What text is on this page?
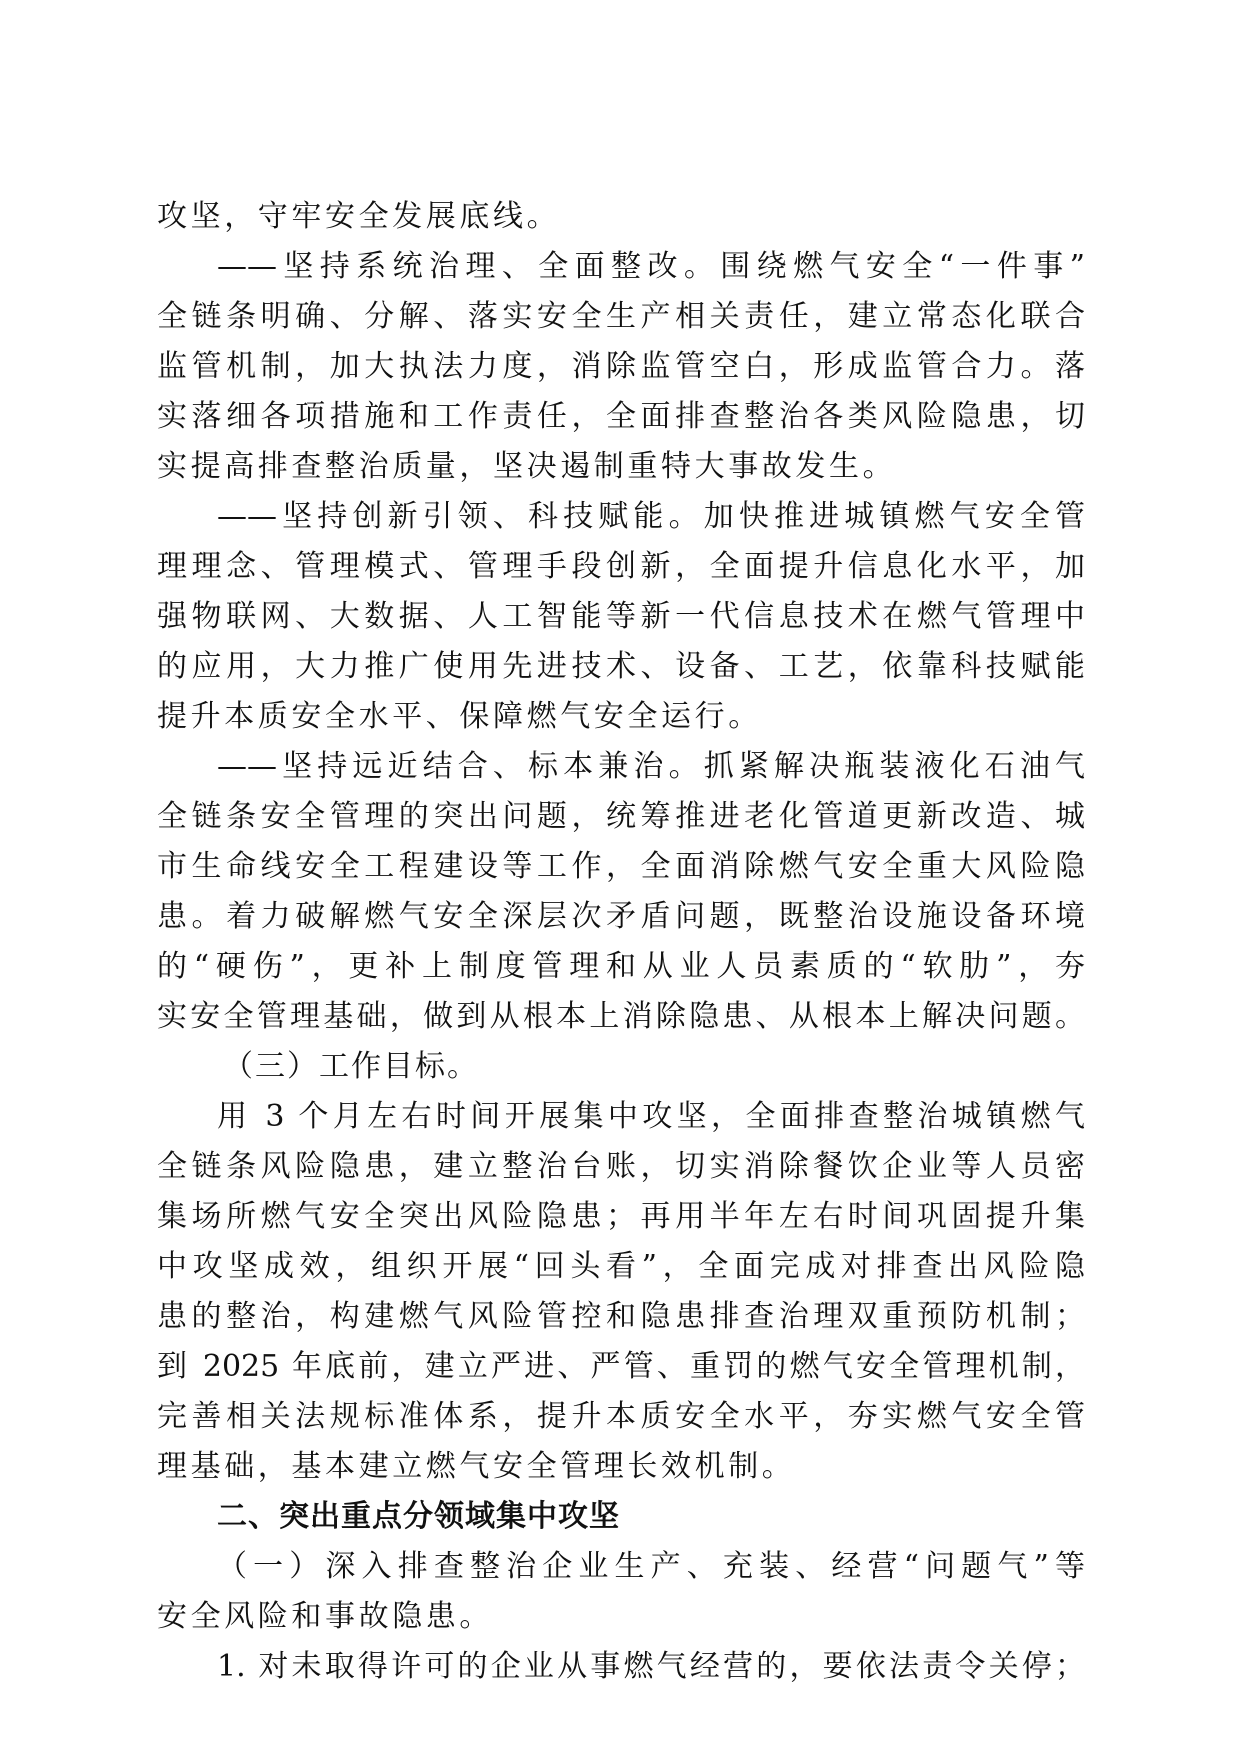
攻坚，守牢安全发展底线。
——坚持系统治理、全面整改。围绕燃气安全“一件事”
全链条明确、分解、落实安全生产相关责任，建立常态化联合
监管机制，加大执法力度，消除监管空白，形成监管合力。落
实落细各项措施和工作责任，全面排查整治各类风险隐患，切
实提高排查整治质量，坚决遏制重特大事故发生。
——坚持创新引领、科技赋能。加快推进城镇燃气安全管
理理念、管理模式、管理手段创新，全面提升信息化水平，加
强物联网、大数据、人工智能等新一代信息技术在燃气管理中
的应用，大力推广使用先进技术、设备、工艺，依靠科技赋能
提升本质安全水平、保障燃气安全运行。
——坚持远近结合、标本兼治。抓紧解决瓶装液化石油气
全链条安全管理的突出问题，统筹推进老化管道更新改造、城
市生命线安全工程建设等工作，全面消除燃气安全重大风险隐
患。着力破解燃气安全深层次矛盾问题，既整治设施设备环境
的“硬伤”，更补上制度管理和从业人员素质的“软肋”，夯
实安全管理基础，做到从根本上消除隐患、从根本上解决问题。
（三）工作目标。
用 3 个月左右时间开展集中攻坚，全面排查整治城镇燃气
全链条风险隐患，建立整治台账，切实消除餐饮企业等人员密
集场所燃气安全突出风险隐患；再用半年左右时间巩固提升集
中攻坚成效，组织开展“回头看”，全面完成对排查出风险隐
患的整治，构建燃气风险管控和隐患排查治理双重预防机制；
到 2025 年底前，建立严进、严管、重罚的燃气安全管理机制，
完善相关法规标准体系，提升本质安全水平，夯实燃气安全管
理基础，基本建立燃气安全管理长效机制。
二、突出重点分领域集中攻坚
（一）深入排查整治企业生产、充装、经营“问题气”等
安全风险和事故隐患。
1. 对未取得许可的企业从事燃气经营的，要依法责令关停；
